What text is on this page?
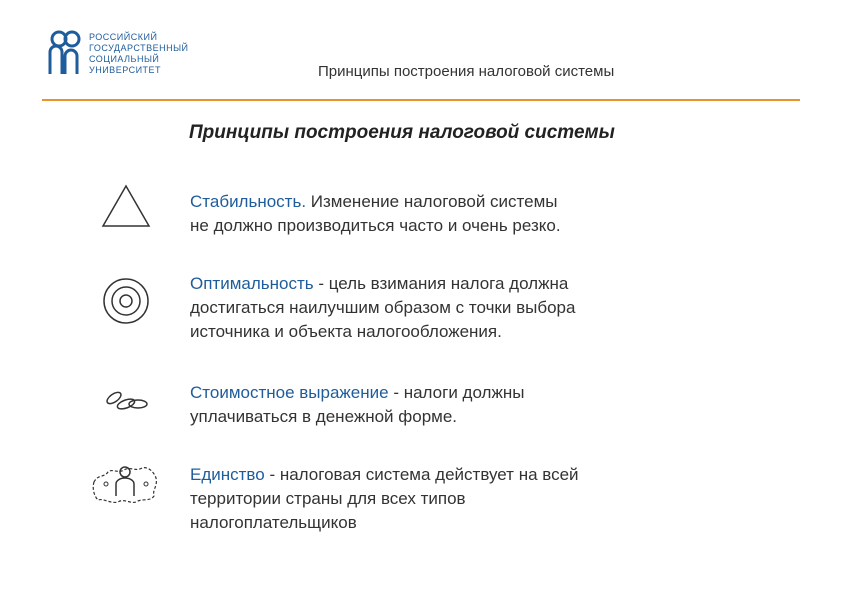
РОССИЙСКИЙ
ГОСУДАРСТВЕННЫЙ
СОЦИАЛЬНЫЙ
УНИВЕРСИТЕТ	Принципы построения налоговой системы
Принципы построения налоговой системы
Стабильность. Изменение налоговой системы
не должно производиться часто и очень резко.
Оптимальность - цель взимания налога должна
достигаться наилучшим образом с точки выбора
источника и объекта налогообложения.
Стоимостное выражение - налоги должны
уплачиваться в денежной форме.
Единство - налоговая система действует на всей
территории страны для всех типов
налогоплательщиков
